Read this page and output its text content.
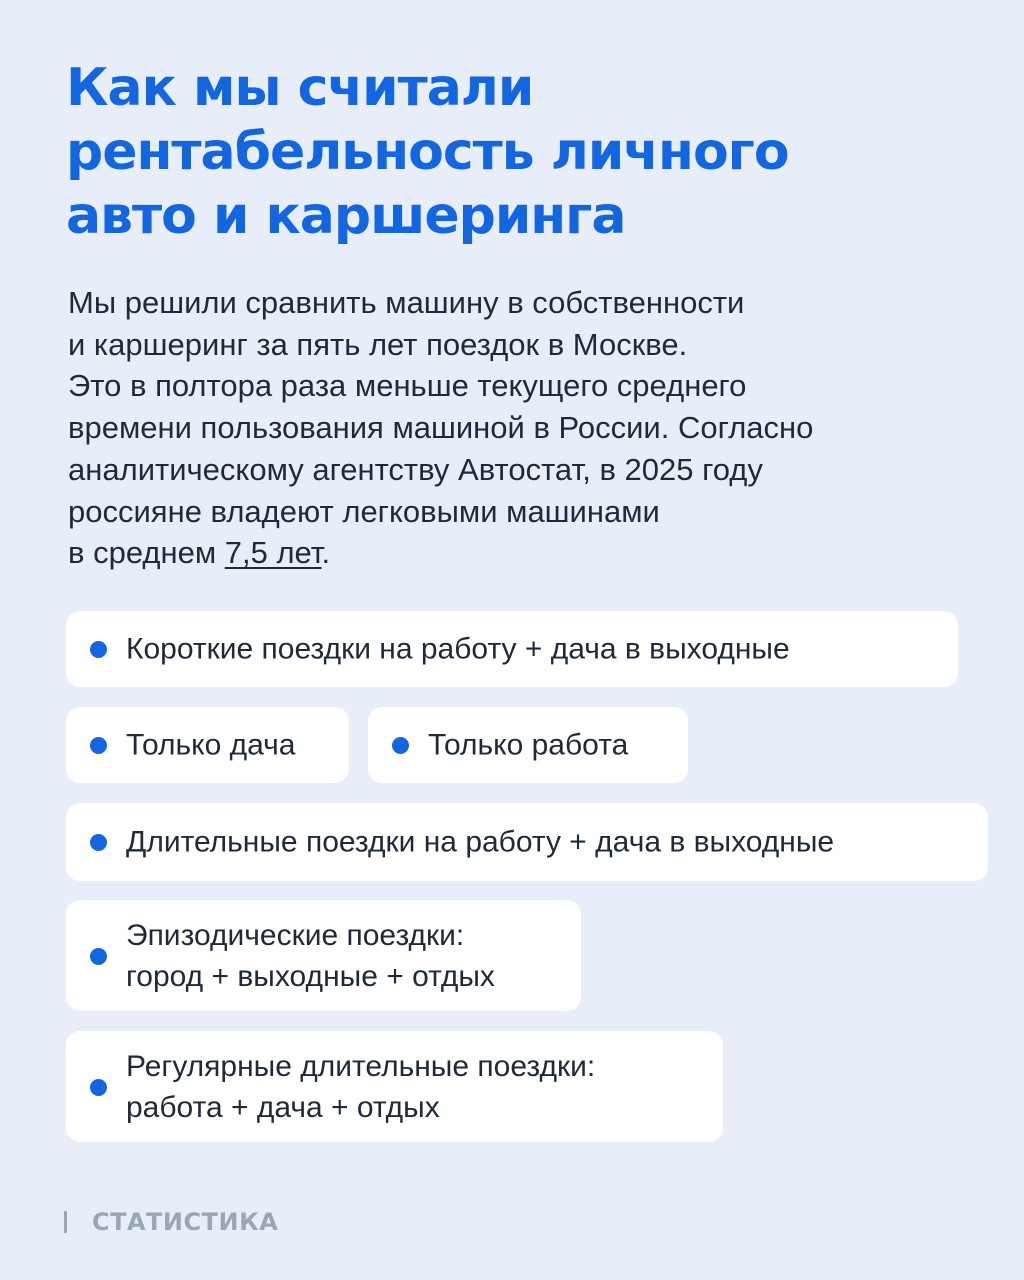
Как мы считали
рентабельность личного
авто и каршеринга

Мы решили сравнить машину в собственности
и каршеринг за пять лет поездок в Москве.
Это в полтора раза меньше текущего среднего
времени пользования машиной в России. Согласно
аналитическому агентству Автостат, в 2025 году
россияне владеют легковыми машинами
в среднем 7,5 лет.

Короткие поездки на работу + дача в выходные
Только дача	Только работа
Длительные поездки на работу + дача в выходные
Эпизодические поездки:
город + выходные + отдых
Регулярные длительные поездки:
работа + дача + отдых
СТАТИСТИКА
